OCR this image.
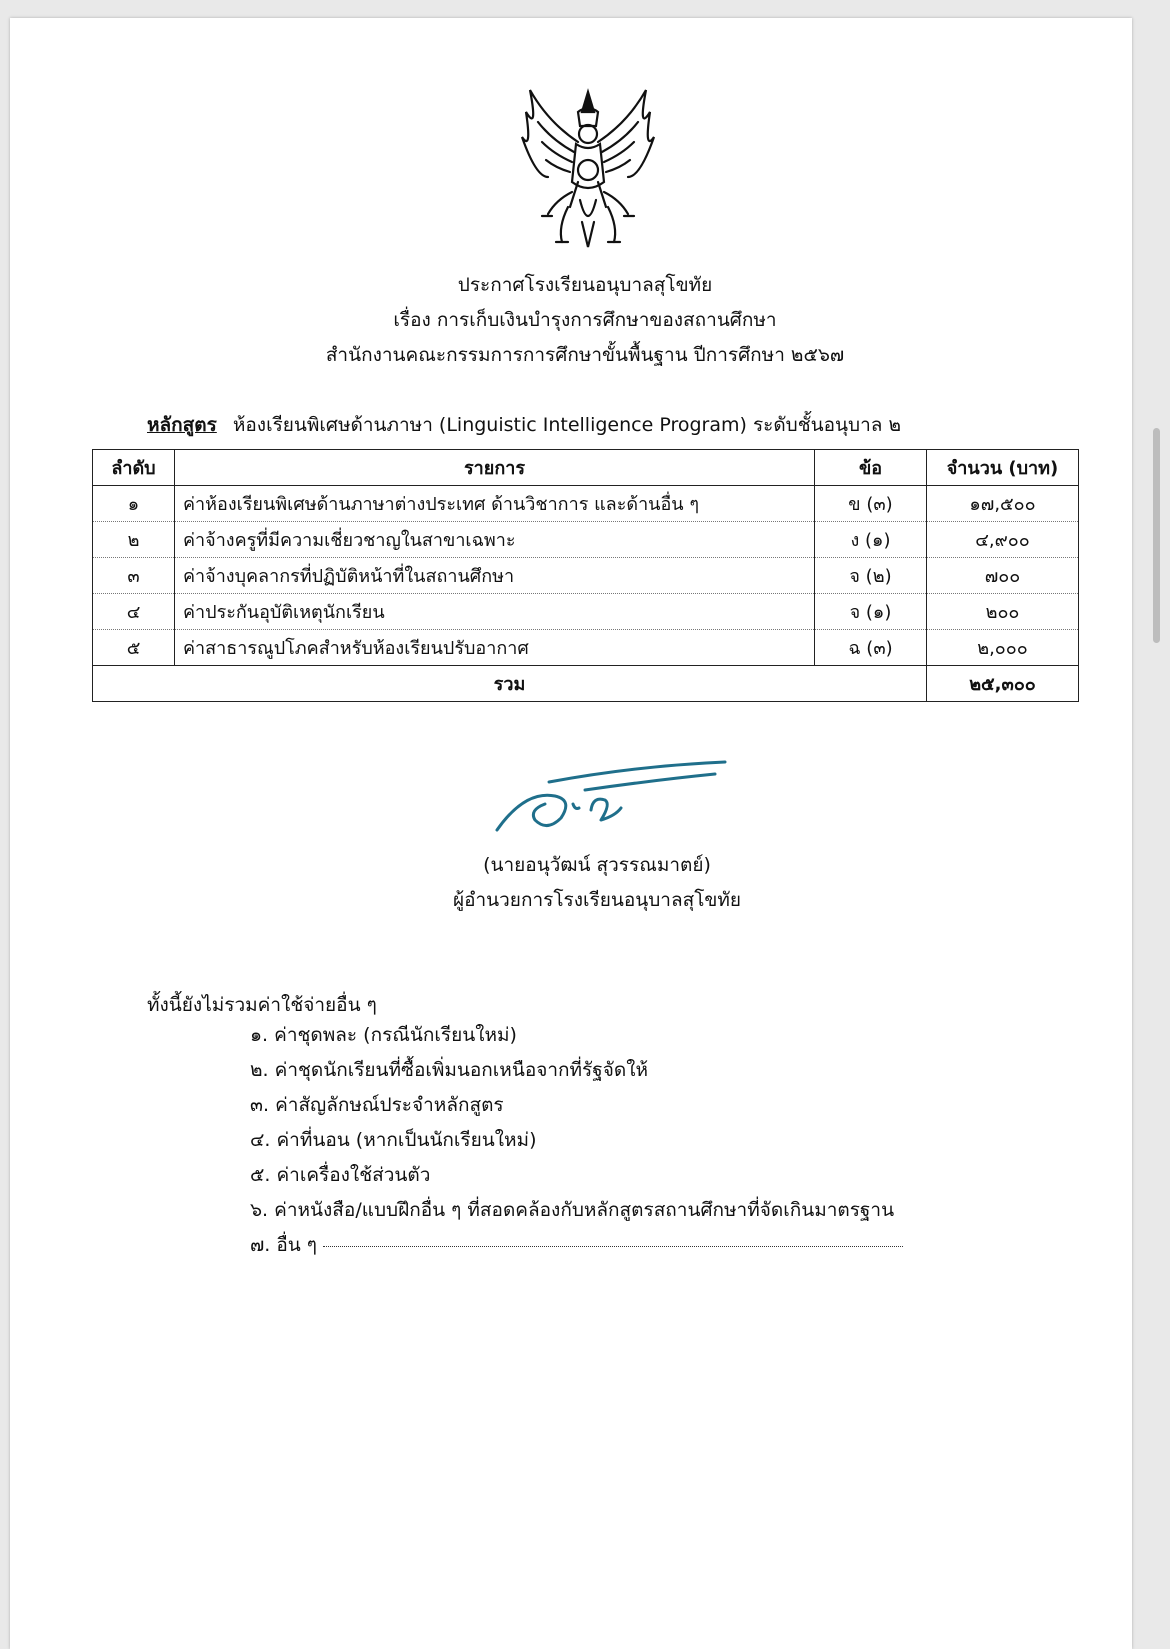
ประกาศโรงเรียนอนุบาลสุโขทัย
เรื่อง การเก็บเงินบำรุงการศึกษาของสถานศึกษา
สำนักงานคณะกรรมการการศึกษาขั้นพื้นฐาน ปีการศึกษา ๒๕๖๗
หลักสูตร ห้องเรียนพิเศษด้านภาษา (Linguistic Intelligence Program) ระดับชั้นอนุบาล ๒
ลำดับ	รายการ	ข้อ	จำนวน (บาท)
๑	ค่าห้องเรียนพิเศษด้านภาษาต่างประเทศ ด้านวิชาการ และด้านอื่น ๆ	ข (๓)	๑๗,๕๐๐
๒	ค่าจ้างครูที่มีความเชี่ยวชาญในสาขาเฉพาะ	ง (๑)	๔,๙๐๐
๓	ค่าจ้างบุคลากรที่ปฏิบัติหน้าที่ในสถานศึกษา	จ (๒)	๗๐๐
๔	ค่าประกันอุบัติเหตุนักเรียน	จ (๑)	๒๐๐
๕	ค่าสาธารณูปโภคสำหรับห้องเรียนปรับอากาศ	ฉ (๓)	๒,๐๐๐
รวม			๒๕,๓๐๐
(นายอนุวัฒน์ สุวรรณมาตย์)
ผู้อำนวยการโรงเรียนอนุบาลสุโขทัย
ทั้งนี้ยังไม่รวมค่าใช้จ่ายอื่น ๆ
๑. ค่าชุดพละ (กรณีนักเรียนใหม่)
๒. ค่าชุดนักเรียนที่ซื้อเพิ่มนอกเหนือจากที่รัฐจัดให้
๓. ค่าสัญลักษณ์ประจำหลักสูตร
๔. ค่าที่นอน (หากเป็นนักเรียนใหม่)
๕. ค่าเครื่องใช้ส่วนตัว
๖. ค่าหนังสือ/แบบฝึกอื่น ๆ ที่สอดคล้องกับหลักสูตรสถานศึกษาที่จัดเกินมาตรฐาน
๗. อื่น ๆ
